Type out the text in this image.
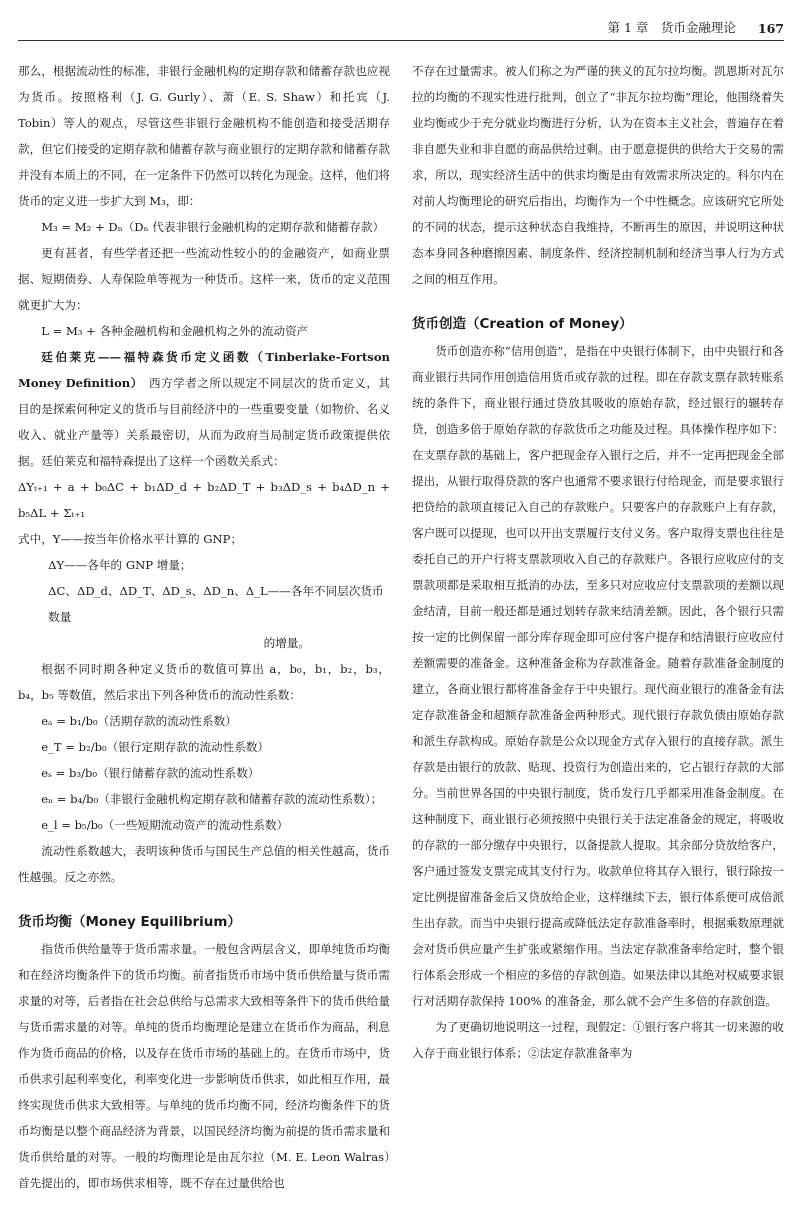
第 1 章　货币金融理论 167

那么，根据流动性的标准，非银行金融机构的定期存款和储蓄存款也应视为货币。按照格利（J. G. Gurly）、萧（E. S. Shaw）和托宾（J. Tobin）等人的观点，尽管这些非银行金融机构不能创造和接受活期存款，但它们接受的定期存款和储蓄存款与商业银行的定期存款和储蓄存款并没有本质上的不同，在一定条件下仍然可以转化为现金。这样，他们将货币的定义进一步扩大到 M₃，即：

M₃ = M₂ + Dₙ（Dₙ 代表非银行金融机构的定期存款和储蓄存款）

更有甚者，有些学者还把一些流动性较小的的金融资产，如商业票据、短期债券、人寿保险单等视为一种货币。这样一来，货币的定义范围就更扩大为：

L = M₃ + 各种金融机构和金融机构之外的流动资产

廷伯莱克——福特森货币定义函数（Tinberlake-Fortson Money Definition）　西方学者之所以规定不同层次的货币定义，其目的是探索何种定义的货币与目前经济中的一些重要变量（如物价、名义收入、就业产量等）关系最密切，从而为政府当局制定货币政策提供依据。廷伯莱克和福特森提出了这样一个函数关系式：

ΔYₜ₊₁ + a + b₀ΔC + b₁ΔD_d + b₂ΔD_T + b₃ΔD_s + b₄ΔD_n + b₅ΔL + Σₜ₊₁

式中，Y——按当年价格水平计算的 GNP；

ΔY——各年的 GNP 增量；

ΔC、ΔD_d、ΔD_T、ΔD_s、ΔD_n、Δ_L——各年不同层次货币数量

的增量。

根据不同时期各种定义货币的数值可算出 a，b₀，b₁，b₂，b₃，b₄，b₅ 等数值，然后求出下列各种货币的流动性系数：

eₐ = b₁/b₀（活期存款的流动性系数）

e_T = b₂/b₀（银行定期存款的流动性系数）

eₛ = b₃/b₀（银行储蓄存款的流动性系数）

eₙ = b₄/b₀（非银行金融机构定期存款和储蓄存款的流动性系数）；

e_l = b₅/b₀（一些短期流动资产的流动性系数）

流动性系数越大，表明该种货币与国民生产总值的相关性越高，货币性越强。反之亦然。

货币均衡（Money Equilibrium）

指货币供给量等于货币需求量。一般包含两层含义，即单纯货币均衡和在经济均衡条件下的货币均衡。前者指货币市场中货币供给量与货币需求量的对等，后者指在社会总供给与总需求大致相等条件下的货币供给量与货币需求量的对等。单纯的货币均衡理论是建立在货币作为商品，利息作为货币商品的价格，以及存在货币市场的基础上的。在货币市场中，货币供求引起利率变化，利率变化进一步影响货币供求，如此相互作用，最终实现货币供求大致相等。与单纯的货币均衡不同，经济均衡条件下的货币均衡是以整个商品经济为背景，以国民经济均衡为前提的货币需求量和货币供给量的对等。一般的均衡理论是由瓦尔拉（M. E. Leon Walras）首先提出的，即市场供求相等，既不存在过量供给也

不存在过量需求。被人们称之为严谨的狭义的瓦尔拉均衡。凯恩斯对瓦尔拉的均衡的不现实性进行批判，创立了“非瓦尔拉均衡”理论，他围绕着失业均衡或少于充分就业均衡进行分析，认为在资本主义社会，普遍存在着非自愿失业和非自愿的商品供给过剩。由于愿意提供的供给大于交易的需求，所以，现实经济生活中的供求均衡是由有效需求所决定的。科尔内在对前人均衡理论的研究后指出，均衡作为一个中性概念。应该研究它所处的不同的状态，提示这种状态自我维持，不断再生的原因，并说明这种状态本身同各种磨擦因素、制度条件、经济控制机制和经济当事人行为方式之间的相互作用。

货币创造（Creation of Money）

货币创造亦称“信用创造”，是指在中央银行体制下，由中央银行和各商业银行共同作用创造信用货币或存款的过程。即在存款支票存款转账系统的条件下，商业银行通过贷放其吸收的原始存款，经过银行的辗转存贷，创造多倍于原始存款的存款货币之功能及过程。具体操作程序如下：在支票存款的基础上，客户把现金存入银行之后，并不一定再把现金全部提出，从银行取得贷款的客户也通常不要求银行付给现金，而是要求银行把贷给的款项直接记入自己的存款账户。只要客户的存款账户上有存款，客户既可以提现，也可以开出支票履行支付义务。客户取得支票也往往是委托自己的开户行将支票款项收入自己的存款账户。各银行应收应付的支票款项都是采取相互抵消的办法，至多只对应收应付支票款项的差额以现金结清，目前一般还都是通过划转存款来结清差额。因此，各个银行只需按一定的比例保留一部分库存现金即可应付客户提存和结清银行应收应付差额需要的准备金。这种准备金称为存款准备金。随着存款准备金制度的建立，各商业银行都将准备金存于中央银行。现代商业银行的准备金有法定存款准备金和超额存款准备金两种形式。现代银行存款负债由原始存款和派生存款构成。原始存款是公众以现金方式存入银行的直接存款。派生存款是由银行的放款、贴现、投资行为创造出来的，它占银行存款的大部分。当前世界各国的中央银行制度，货币发行几乎都采用准备金制度。在这种制度下，商业银行必须按照中央银行关于法定准备金的规定，将吸收的存款的一部分缴存中央银行，以备提款人提取。其余部分贷放给客户，客户通过签发支票完成其支付行为。收款单位将其存入银行，银行除按一定比例提留准备金后又贷放给企业，这样继续下去，银行体系便可成倍派生出存款。而当中央银行提高或降低法定存款准备率时，根据乘数原理就会对货币供应量产生扩张或紧缩作用。当法定存款准备率给定时，整个银行体系会形成一个相应的多倍的存款创造。如果法律以其绝对权威要求银行对活期存款保持 100% 的准备金，那么就不会产生多倍的存款创造。

为了更确切地说明这一过程，现假定：①银行客户将其一切来源的收入存于商业银行体系；②法定存款准备率为
